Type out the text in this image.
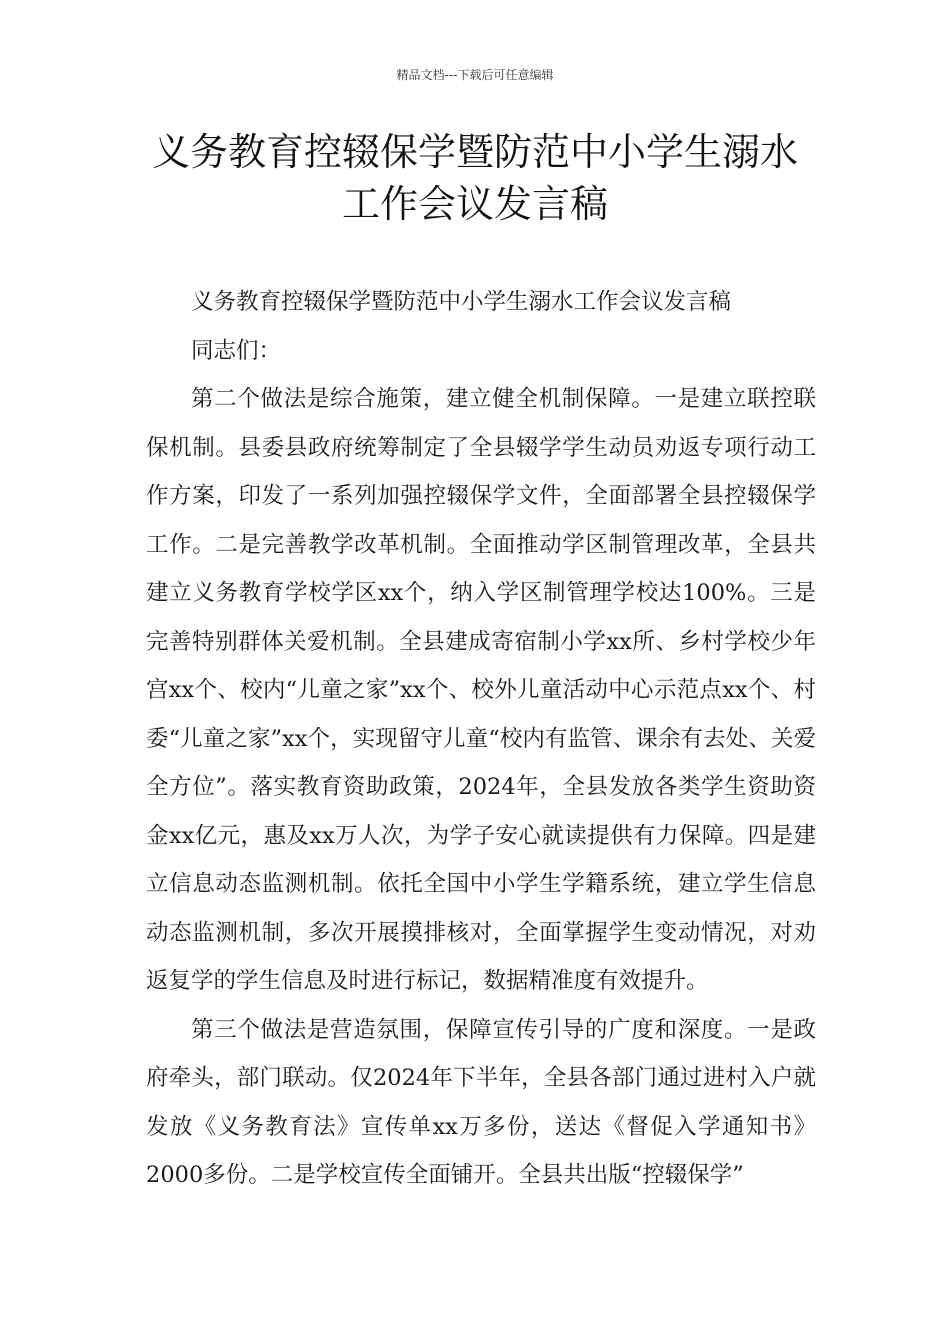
精品文档---下载后可任意编辑
义务教育控辍保学暨防范中小学生溺水
工作会议发言稿

义务教育控辍保学暨防范中小学生溺水工作会议发言稿

同志们：

第二个做法是综合施策，建立健全机制保障。一是建立联控联保机制。县委县政府统筹制定了全县辍学学生动员劝返专项行动工作方案，印发了一系列加强控辍保学文件，全面部署全县控辍保学工作。二是完善教学改革机制。全面推动学区制管理改革，全县共建立义务教育学校学区xx个，纳入学区制管理学校达100%。三是完善特别群体关爱机制。全县建成寄宿制小学xx所、乡村学校少年宫xx个、校内“儿童之家”xx个、校外儿童活动中心示范点xx个、村委“儿童之家”xx个，实现留守儿童“校内有监管、课余有去处、关爱全方位”。落实教育资助政策，2024年，全县发放各类学生资助资金xx亿元，惠及xx万人次，为学子安心就读提供有力保障。四是建立信息动态监测机制。依托全国中小学生学籍系统，建立学生信息动态监测机制，多次开展摸排核对，全面掌握学生变动情况，对劝返复学的学生信息及时进行标记，数据精准度有效提升。

第三个做法是营造氛围，保障宣传引导的广度和深度。一是政府牵头，部门联动。仅2024年下半年，全县各部门通过进村入户就发放《义务教育法》宣传单xx万多份，送达《督促入学通知书》2000多份。二是学校宣传全面铺开。全县共出版“控辍保学”
